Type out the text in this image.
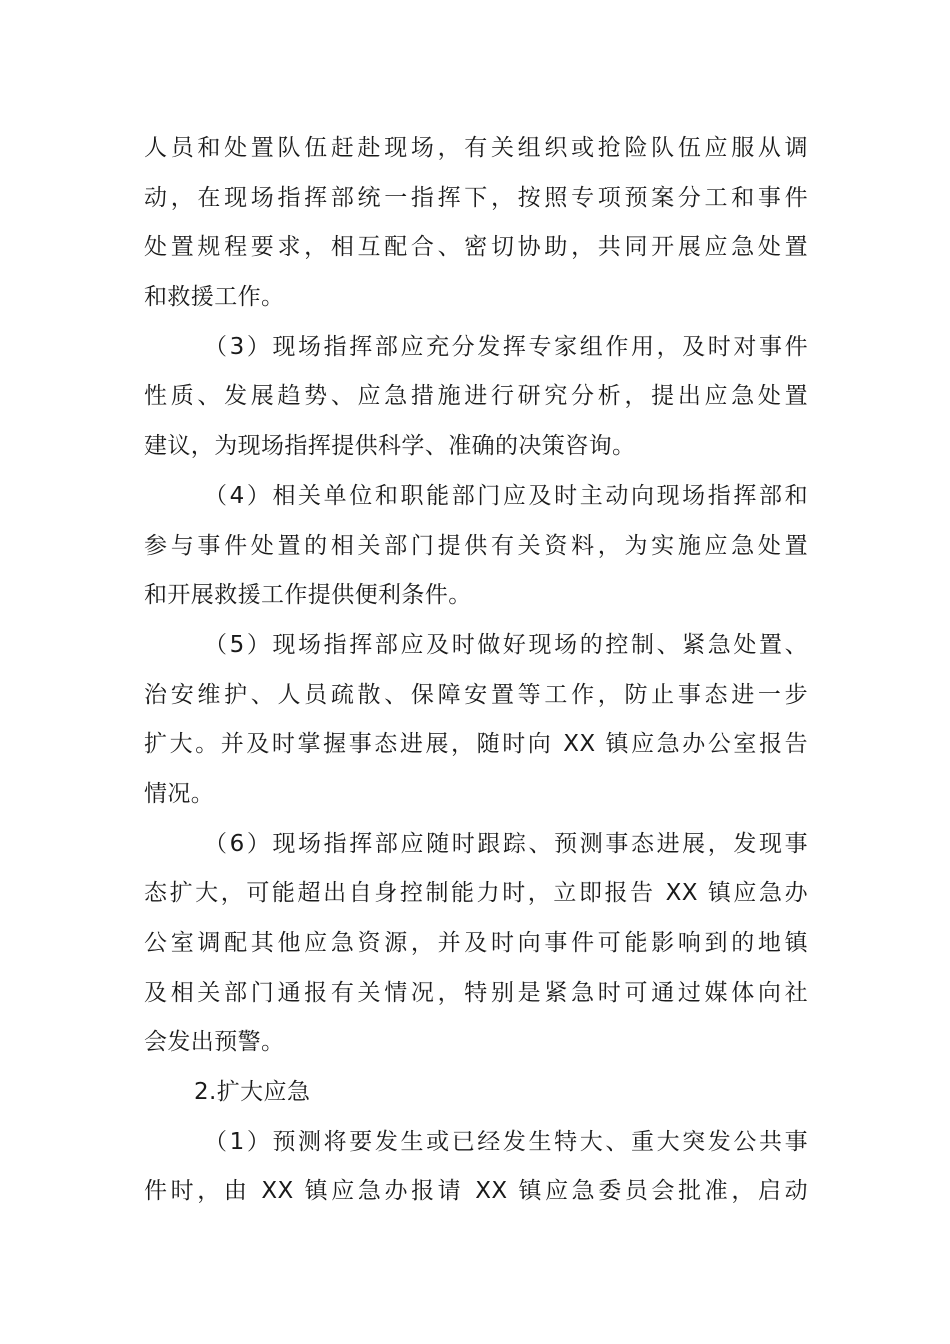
人员和处置队伍赶赴现场，有关组织或抢险队伍应服从调
动，在现场指挥部统一指挥下，按照专项预案分工和事件
处置规程要求，相互配合、密切协助，共同开展应急处置
和救援工作。
（3）现场指挥部应充分发挥专家组作用，及时对事件
性质、发展趋势、应急措施进行研究分析，提出应急处置
建议，为现场指挥提供科学、准确的决策咨询。
（4）相关单位和职能部门应及时主动向现场指挥部和
参与事件处置的相关部门提供有关资料，为实施应急处置
和开展救援工作提供便利条件。
（5）现场指挥部应及时做好现场的控制、紧急处置、
治安维护、人员疏散、保障安置等工作，防止事态进一步
扩大。并及时掌握事态进展，随时向 XX 镇应急办公室报告
情况。
（6）现场指挥部应随时跟踪、预测事态进展，发现事
态扩大，可能超出自身控制能力时，立即报告 XX 镇应急办
公室调配其他应急资源，并及时向事件可能影响到的地镇
及相关部门通报有关情况，特别是紧急时可通过媒体向社
会发出预警。
2.扩大应急
（1）预测将要发生或已经发生特大、重大突发公共事
件时，由 XX 镇应急办报请 XX 镇应急委员会批准，启动
